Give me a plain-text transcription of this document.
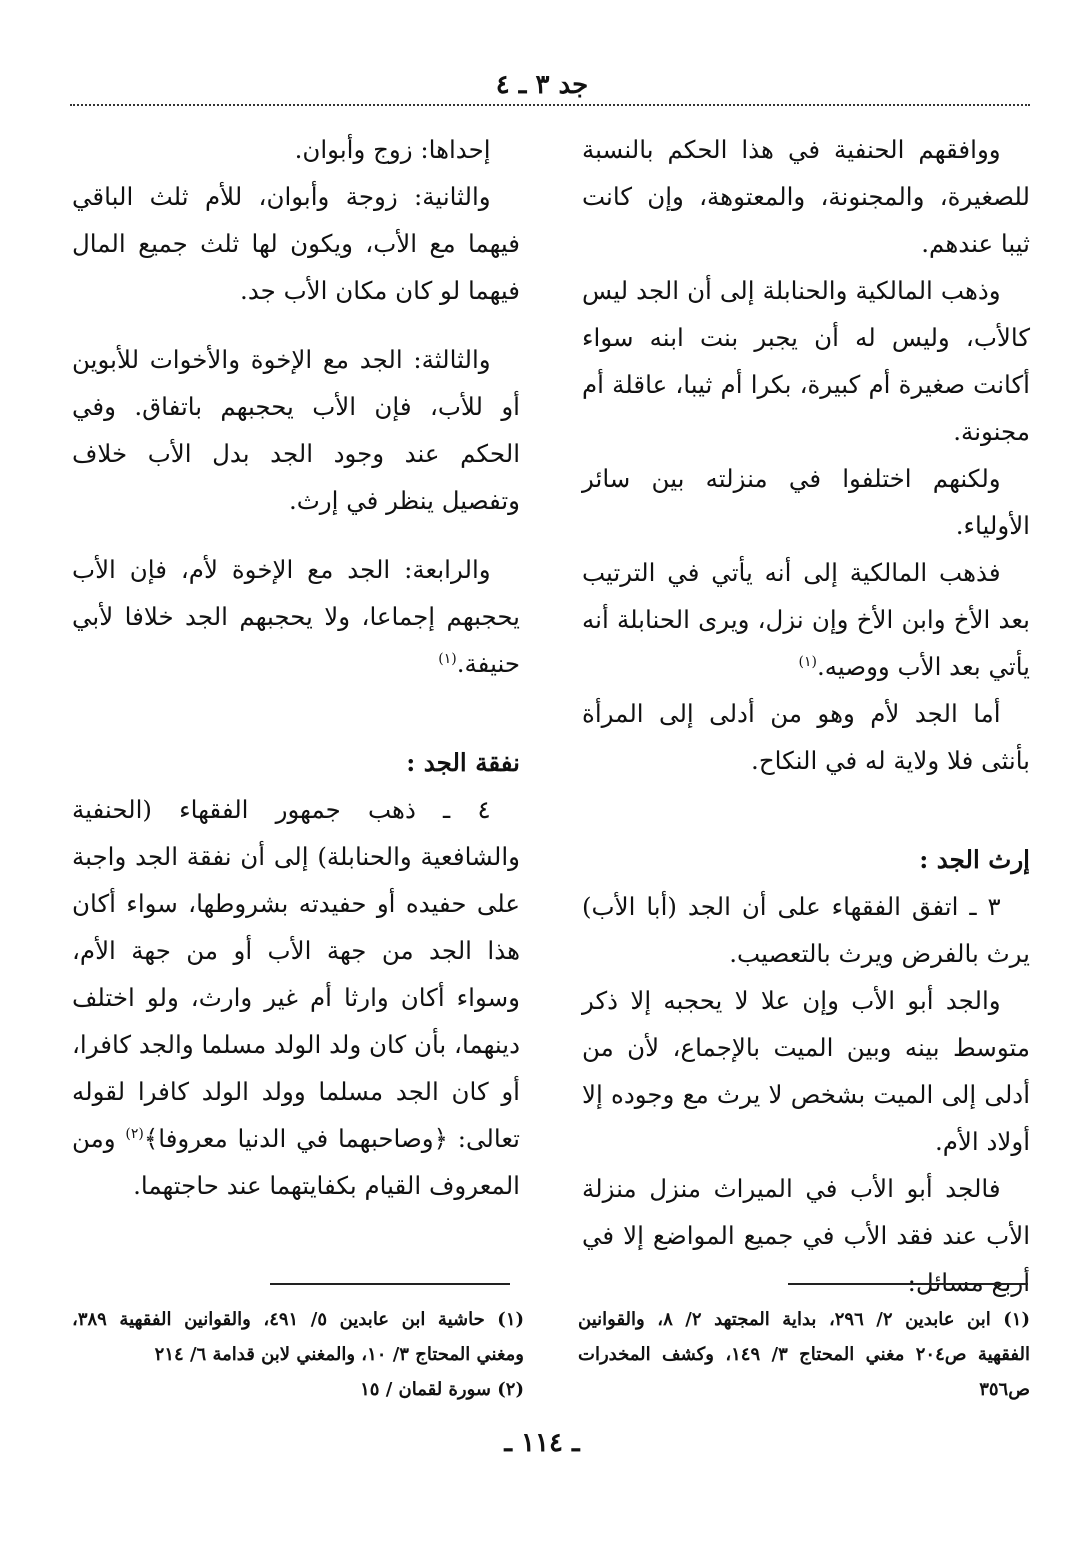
جد ٣ ـ ٤

ووافقهم الحنفية في هذا الحكم بالنسبة للصغيرة، والمجنونة، والمعتوهة، وإن كانت ثيبا عندهم.

وذهب المالكية والحنابلة إلى أن الجد ليس كالأب، وليس له أن يجبر بنت ابنه سواء أكانت صغيرة أم كبيرة، بكرا أم ثيبا، عاقلة أم مجنونة.

ولكنهم اختلفوا في منزلته بين سائر الأولياء.

فذهب المالكية إلى أنه يأتي في الترتيب بعد الأخ وابن الأخ وإن نزل، ويرى الحنابلة أنه يأتي بعد الأب ووصيه.$^{(١)}$

أما الجد لأم وهو من أدلى إلى المرأة بأنثى فلا ولاية له في النكاح.

إرث الجد :

٣ ـ اتفق الفقهاء على أن الجد (أبا الأب) يرث بالفرض ويرث بالتعصيب.

والجد أبو الأب وإن علا لا يحجبه إلا ذكر متوسط بينه وبين الميت بالإجماع، لأن من أدلى إلى الميت بشخص لا يرث مع وجوده إلا أولاد الأم.

فالجد أبو الأب في الميراث منزل منزلة الأب عند فقد الأب في جميع المواضع إلا في أربع مسائل:

إحداها: زوج وأبوان.

والثانية: زوجة وأبوان، للأم ثلث الباقي فيهما مع الأب، ويكون لها ثلث جميع المال فيهما لو كان مكان الأب جد.

والثالثة: الجد مع الإخوة والأخوات للأبوين أو للأب، فإن الأب يحجبهم باتفاق. وفي الحكم عند وجود الجد بدل الأب خلاف وتفصيل ينظر في إرث.

والرابعة: الجد مع الإخوة لأم، فإن الأب يحجبهم إجماعا، ولا يحجبهم الجد خلافا لأبي حنيفة.$^{(١)}$

نفقة الجد :

٤ ـ ذهب جمهور الفقهاء (الحنفية والشافعية والحنابلة) إلى أن نفقة الجد واجبة على حفيده أو حفيدته بشروطها، سواء أكان هذا الجد من جهة الأب أو من جهة الأم، وسواء أكان وارثا أم غير وارث، ولو اختلف دينهما، بأن كان ولد الولد مسلما والجد كافرا، أو كان الجد مسلما وولد الولد كافرا لقوله تعالى: ﴿وصاحبهما في الدنيا معروفا﴾$^{(٢)}$ ومن المعروف القيام بكفايتهما عند حاجتهما.

(١) ابن عابدين ٢/ ٢٩٦، بداية المجتهد ٢/ ٨، والقوانين الفقهية ص٢٠٤ مغني المحتاج ٣/ ١٤٩، وكشف المخدرات ص٣٥٦
(١) حاشية ابن عابدين ٥/ ٤٩١، والقوانين الفقهية ٣٨٩، ومغني المحتاج ٣/ ١٠، والمغني لابن قدامة ٦/ ٢١٤
(٢) سورة لقمان / ١٥
ـ ١١٤ ـ
